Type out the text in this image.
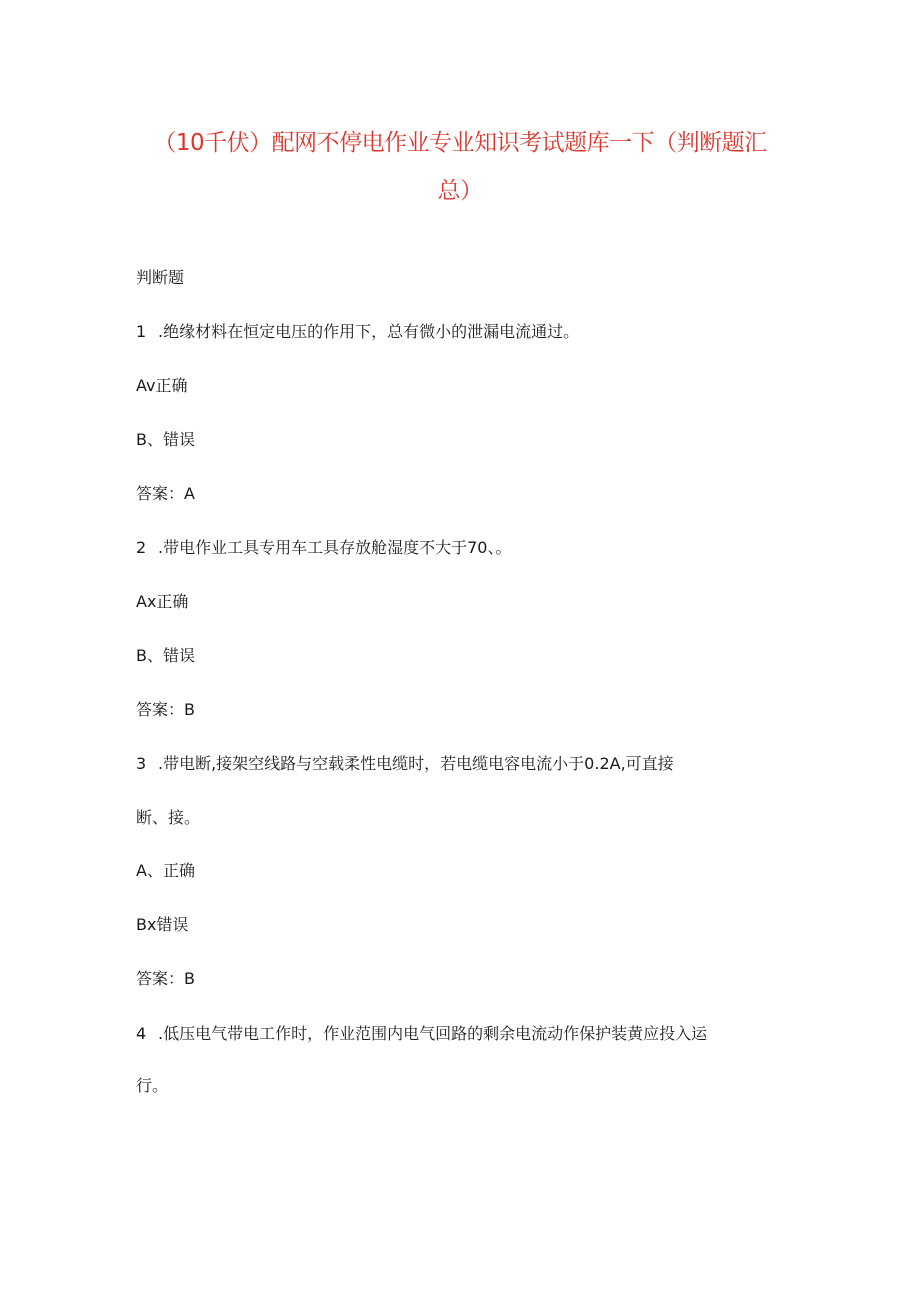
（10千伏）配网不停电作业专业知识考试题库一下（判断题汇
总）
判断题
1 .绝缘材料在恒定电压的作用下，总有微小的泄漏电流通过。
Av正确
B、错误
答案：A
2 .带电作业工具专用车工具存放舱湿度不大于70、。
Ax正确
B、错误
答案：B
3 .带电断,接架空线路与空载柔性电缆时，若电缆电容电流小于0.2A,可直接
断、接。
A、正确
Bx错误
答案：B
4 .低压电气带电工作时，作业范围内电气回路的剩余电流动作保护装黄应投入运
行。
